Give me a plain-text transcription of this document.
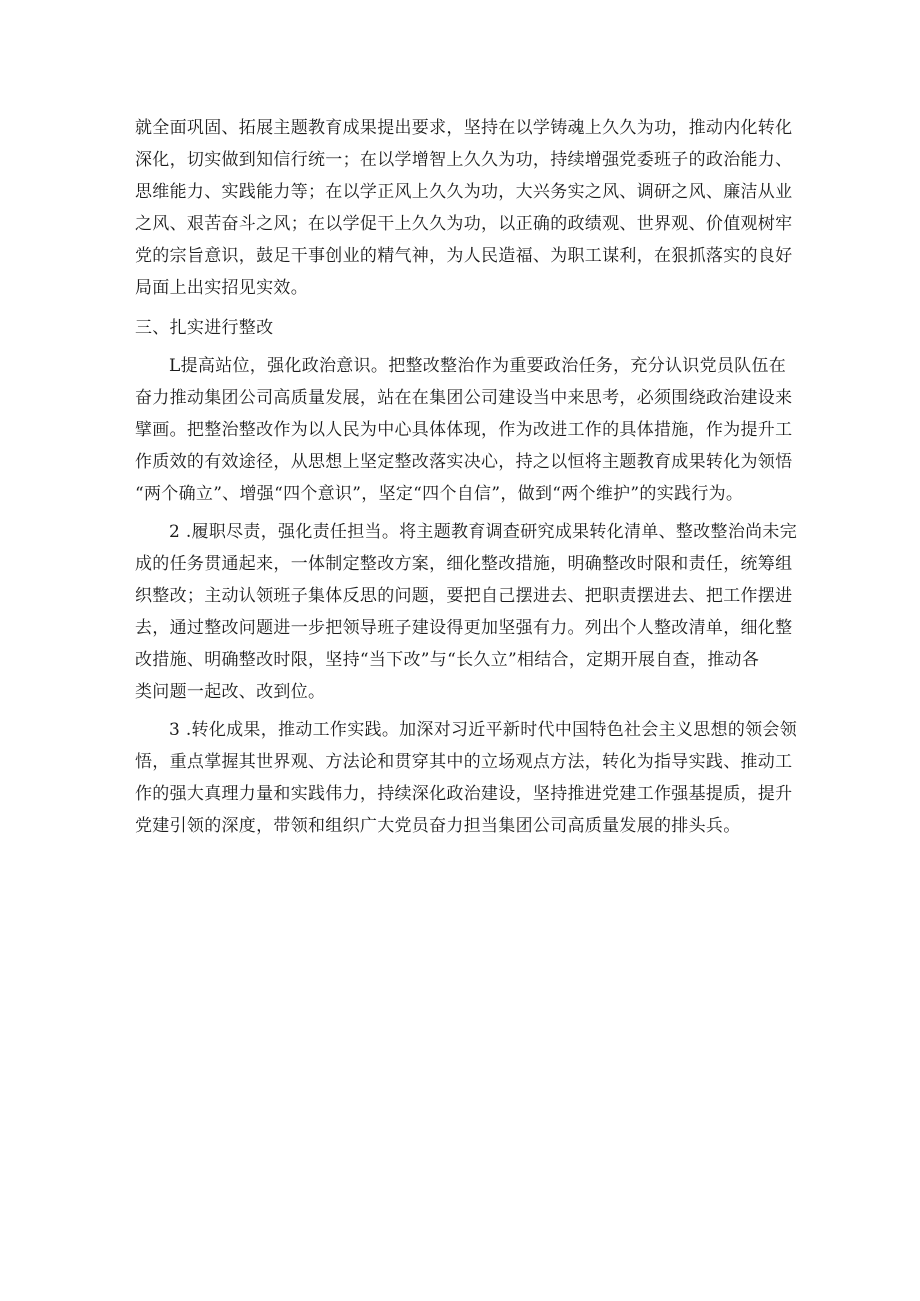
就全面巩固、拓展主题教育成果提出要求，坚持在以学铸魂上久久为功，推动内化转化
深化，切实做到知信行统一；在以学增智上久久为功，持续增强党委班子的政治能力、
思维能力、实践能力等；在以学正风上久久为功，大兴务实之风、调研之风、廉洁从业
之风、艰苦奋斗之风；在以学促干上久久为功，以正确的政绩观、世界观、价值观树牢
党的宗旨意识，鼓足干事创业的精气神，为人民造福、为职工谋利，在狠抓落实的良好
局面上出实招见实效。

三、扎实进行整改

L提高站位，强化政治意识。把整改整治作为重要政治任务，充分认识党员队伍在
奋力推动集团公司高质量发展，站在在集团公司建设当中来思考，必须围绕政治建设来
擘画。把整治整改作为以人民为中心具体体现，作为改进工作的具体措施，作为提升工
作质效的有效途径，从思想上坚定整改落实决心，持之以恒将主题教育成果转化为领悟
“两个确立”、增强“四个意识”，坚定“四个自信”，做到“两个维护”的实践行为。

2 .履职尽责，强化责任担当。将主题教育调查研究成果转化清单、整改整治尚未完
成的任务贯通起来，一体制定整改方案，细化整改措施，明确整改时限和责任，统筹组
织整改；主动认领班子集体反思的问题，要把自己摆进去、把职责摆进去、把工作摆进
去，通过整改问题进一步把领导班子建设得更加坚强有力。列出个人整改清单，细化整
改措施、明确整改时限，坚持“当下改”与“长久立”相结合，定期开展自查，推动各
类问题一起改、改到位。

3 .转化成果，推动工作实践。加深对习近平新时代中国特色社会主义思想的领会领
悟，重点掌握其世界观、方法论和贯穿其中的立场观点方法，转化为指导实践、推动工
作的强大真理力量和实践伟力，持续深化政治建设，坚持推进党建工作强基提质，提升
党建引领的深度，带领和组织广大党员奋力担当集团公司高质量发展的排头兵。
